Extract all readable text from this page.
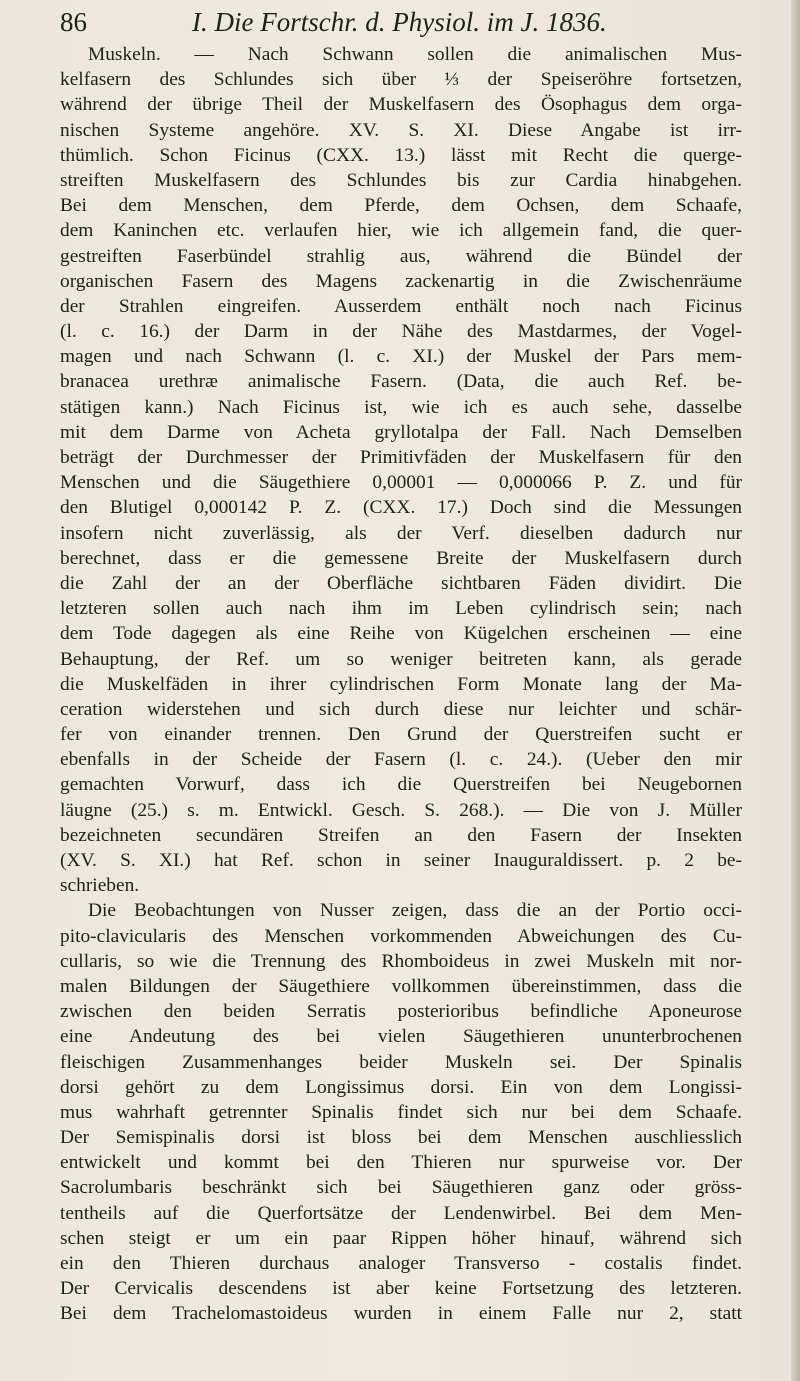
86	I. Die Fortschr. d. Physiol. im J. 1836.
Muskeln. — Nach Schwann sollen die animalischen Mus-
kelfasern des Schlundes sich über ⅓ der Speiseröhre fortsetzen,
während der übrige Theil der Muskelfasern des Ösophagus dem orga-
nischen Systeme angehöre. XV. S. XI. Diese Angabe ist irr-
thümlich. Schon Ficinus (CXX. 13.) lässt mit Recht die querge-
streiften Muskelfasern des Schlundes bis zur Cardia hinabgehen.
Bei dem Menschen, dem Pferde, dem Ochsen, dem Schaafe,
dem Kaninchen etc. verlaufen hier, wie ich allgemein fand, die quer-
gestreiften Faserbündel strahlig aus, während die Bündel der
organischen Fasern des Magens zackenartig in die Zwischenräume
der Strahlen eingreifen. Ausserdem enthält noch nach Ficinus
(l. c. 16.) der Darm in der Nähe des Mastdarmes, der Vogel-
magen und nach Schwann (l. c. XI.) der Muskel der Pars mem-
branacea urethræ animalische Fasern. (Data, die auch Ref. be-
stätigen kann.) Nach Ficinus ist, wie ich es auch sehe, dasselbe
mit dem Darme von Acheta gryllotalpa der Fall. Nach Demselben
beträgt der Durchmesser der Primitivfäden der Muskelfasern für den
Menschen und die Säugethiere 0,00001 — 0,000066 P. Z. und für
den Blutigel 0,000142 P. Z. (CXX. 17.) Doch sind die Messungen
insofern nicht zuverlässig, als der Verf. dieselben dadurch nur
berechnet, dass er die gemessene Breite der Muskelfasern durch
die Zahl der an der Oberfläche sichtbaren Fäden dividirt. Die
letzteren sollen auch nach ihm im Leben cylindrisch sein; nach
dem Tode dagegen als eine Reihe von Kügelchen erscheinen — eine
Behauptung, der Ref. um so weniger beitreten kann, als gerade
die Muskelfäden in ihrer cylindrischen Form Monate lang der Ma-
ceration widerstehen und sich durch diese nur leichter und schär-
fer von einander trennen. Den Grund der Querstreifen sucht er
ebenfalls in der Scheide der Fasern (l. c. 24.). (Ueber den mir
gemachten Vorwurf, dass ich die Querstreifen bei Neugebornen
läugne (25.) s. m. Entwickl. Gesch. S. 268.). — Die von J. Müller
bezeichneten secundären Streifen an den Fasern der Insekten
(XV. S. XI.) hat Ref. schon in seiner Inauguraldissert. p. 2 be-
schrieben.
Die Beobachtungen von Nusser zeigen, dass die an der Portio occi-
pito-clavicularis des Menschen vorkommenden Abweichungen des Cu-
cullaris, so wie die Trennung des Rhomboideus in zwei Muskeln mit nor-
malen Bildungen der Säugethiere vollkommen übereinstimmen, dass die
zwischen den beiden Serratis posterioribus befindliche Aponeurose
eine Andeutung des bei vielen Säugethieren ununterbrochenen
fleischigen Zusammenhanges beider Muskeln sei. Der Spinalis
dorsi gehört zu dem Longissimus dorsi. Ein von dem Longissi-
mus wahrhaft getrennter Spinalis findet sich nur bei dem Schaafe.
Der Semispinalis dorsi ist bloss bei dem Menschen auschliesslich
entwickelt und kommt bei den Thieren nur spurweise vor. Der
Sacrolumbaris beschränkt sich bei Säugethieren ganz oder gröss-
tentheils auf die Querfortsätze der Lendenwirbel. Bei dem Men-
schen steigt er um ein paar Rippen höher hinauf, während sich
ein den Thieren durchaus analoger Transverso - costalis findet.
Der Cervicalis descendens ist aber keine Fortsetzung des letzteren.
Bei dem Trachelomastoideus wurden in einem Falle nur 2, statt
